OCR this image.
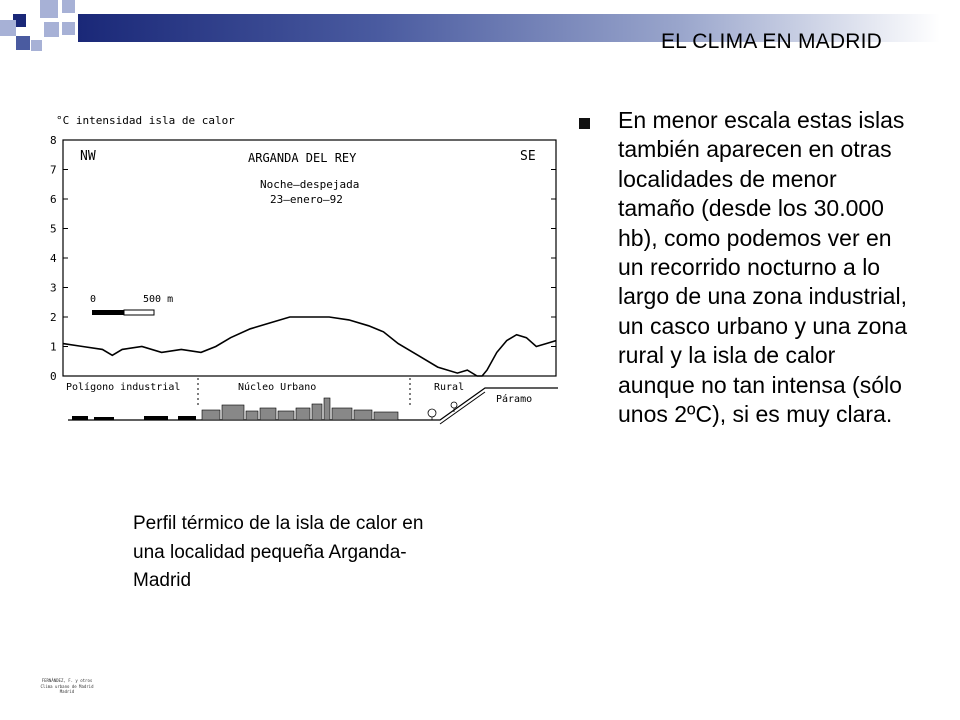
EL CLIMA EN MADRID
°C intensidad isla de calor
0
1
2
3
4
5
6
7
8
NW	SE
ARGANDA DEL REY
Noche–despejada
23–enero–92
0	500 m
Polígono industrial	Núcleo Urbano	Rural
Páramo
En menor escala estas islas también aparecen en otras localidades de menor tamaño (desde los 30.000 hb), como podemos ver en un recorrido nocturno a lo largo de una zona industrial, un casco urbano y una zona rural y la isla de calor aunque no tan intensa (sólo unos 2ºC), si es muy clara.
Perfil térmico de la isla de calor en una localidad pequeña Arganda-Madrid
FERNÁNDEZ, F. y otros
Clima urbano de Madrid
Madrid
